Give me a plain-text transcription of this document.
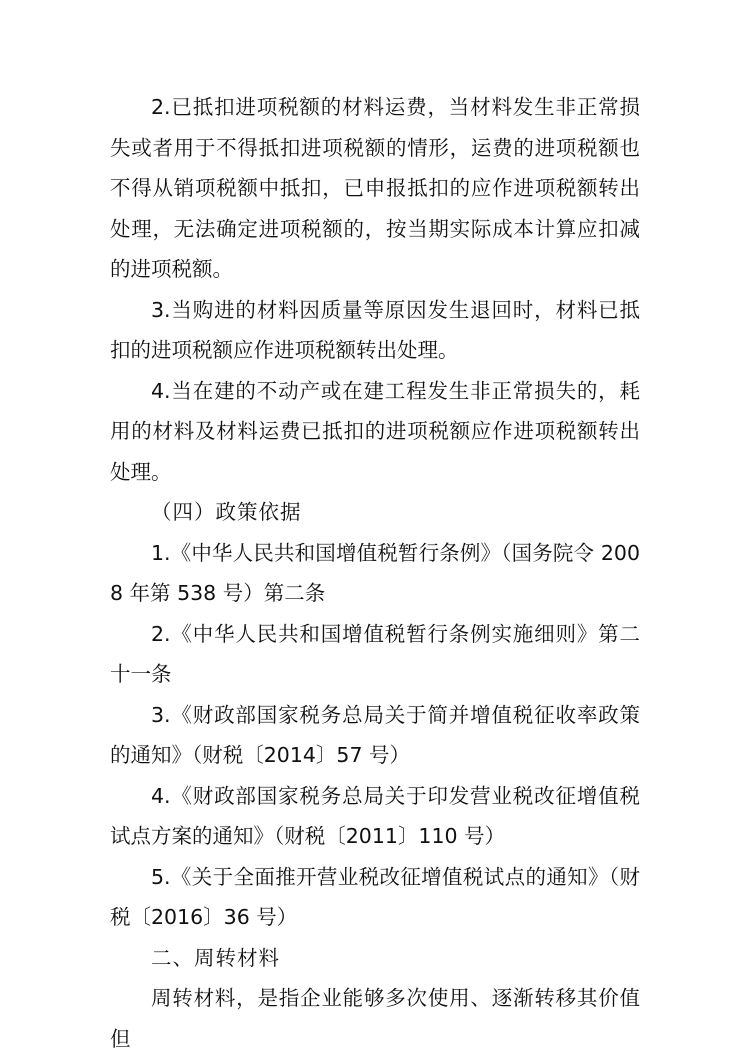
2.已抵扣进项税额的材料运费，当材料发生非正常损失或者用于不得抵扣进项税额的情形，运费的进项税额也不得从销项税额中抵扣，已申报抵扣的应作进项税额转出处理，无法确定进项税额的，按当期实际成本计算应扣减的进项税额。

3.当购进的材料因质量等原因发生退回时，材料已抵扣的进项税额应作进项税额转出处理。

4.当在建的不动产或在建工程发生非正常损失的，耗用的材料及材料运费已抵扣的进项税额应作进项税额转出处理。

（四）政策依据

1.《中华人民共和国增值税暂行条例》（国务院令 2008 年第 538 号）第二条

2.《中华人民共和国增值税暂行条例实施细则》第二十一条

3.《财政部国家税务总局关于简并增值税征收率政策的通知》（财税〔2014〕57 号）

4.《财政部国家税务总局关于印发营业税改征增值税试点方案的通知》（财税〔2011〕110 号）

5.《关于全面推开营业税改征增值税试点的通知》（财税〔2016〕36 号）

二、周转材料

周转材料，是指企业能够多次使用、逐渐转移其价值但
